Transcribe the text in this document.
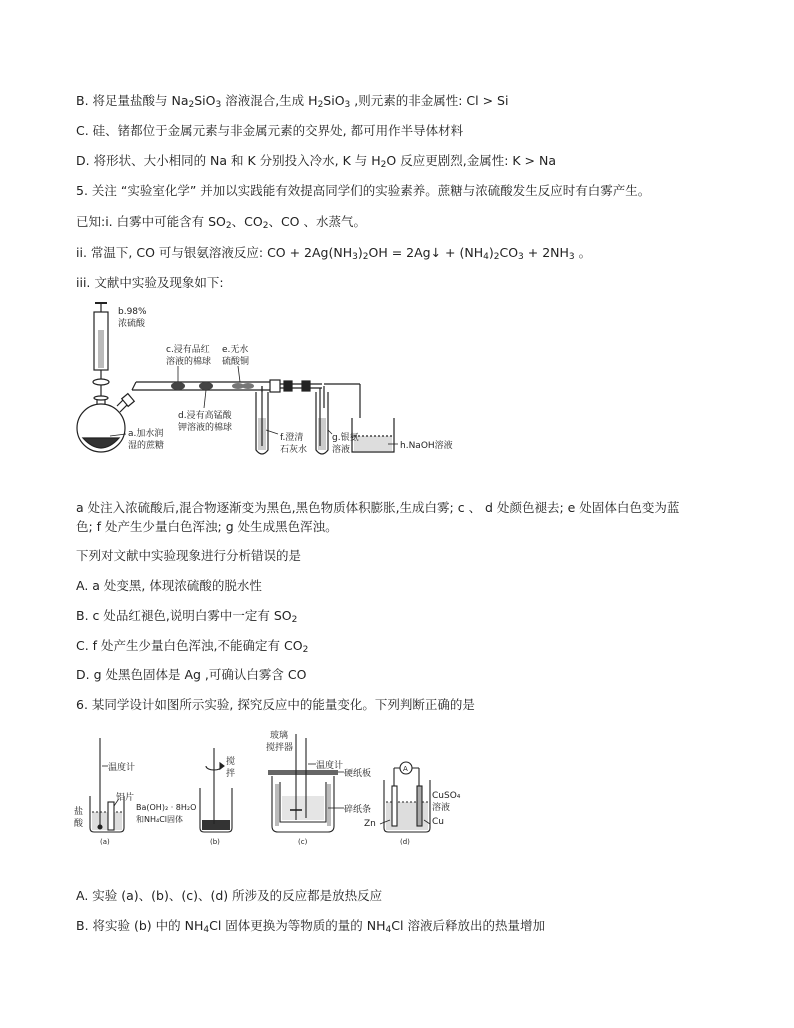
B. 将足量盐酸与 $Na_2SiO_3$ 溶液混合,生成 $H_2SiO_3$ ,则元素的非金属性: Cl > Si
C. 硅、锗都位于金属元素与非金属元素的交界处, 都可用作半导体材料
D. 将形状、大小相同的 Na 和 K 分别投入冷水, K 与 $H_2O$ 反应更剧烈,金属性: K > Na
5. 关注 “实验室化学” 并加以实践能有效提高同学们的实验素养。蔗糖与浓硫酸发生反应时有白雾产生。
已知:i. 白雾中可能含有 $SO_2$、$CO_2$、CO 、水蒸气。
ii. 常温下, CO 可与银氨溶液反应: CO + $2Ag(NH_3)_2OH$ = 2Ag↓ + $(NH_4)_2CO_3 + 2NH_3$ 。
iii. 文献中实验及现象如下:
b.98%
浓硫酸
c.浸有品红
溶液的棉球
e.无水
硫酸铜
d.浸有高锰酸
钾溶液的棉球
a.加水润
湿的蔗糖
f.澄清
石灰水
g.银氨
溶液	h.NaOH溶液
a 处注入浓硫酸后,混合物逐渐变为黑色,黑色物质体积膨胀,生成白雾; c 、 d 处颜色褪去; e 处固体白色变为蓝
色; f 处产生少量白色浑浊; g 处生成黑色浑浊。
下列对文献中实验现象进行分析错误的是
A. a 处变黑, 体现浓硫酸的脱水性
B. c 处品红褪色,说明白雾中一定有 $SO_2$
C. f 处产生少量白色浑浊,不能确定有 $CO_2$
D. g 处黑色固体是 Ag ,可确认白雾含 CO
6. 某同学设计如图所示实验, 探究反应中的能量变化。下列判断正确的是
温度计
铝片
盐
酸
(a)
搅
拌
Ba(OH)₂ · 8H₂O
和NH₄Cl固体
(b)
玻璃
搅拌器
温度计
硬纸板
碎纸条
(c)
A
CuSO₄
溶液
Zn	Cu
(d)
A. 实验 (a)、(b)、(c)、(d) 所涉及的反应都是放热反应
B. 将实验 (b) 中的 $NH_4Cl$ 固体更换为等物质的量的 $NH_4Cl$ 溶液后释放出的热量增加
